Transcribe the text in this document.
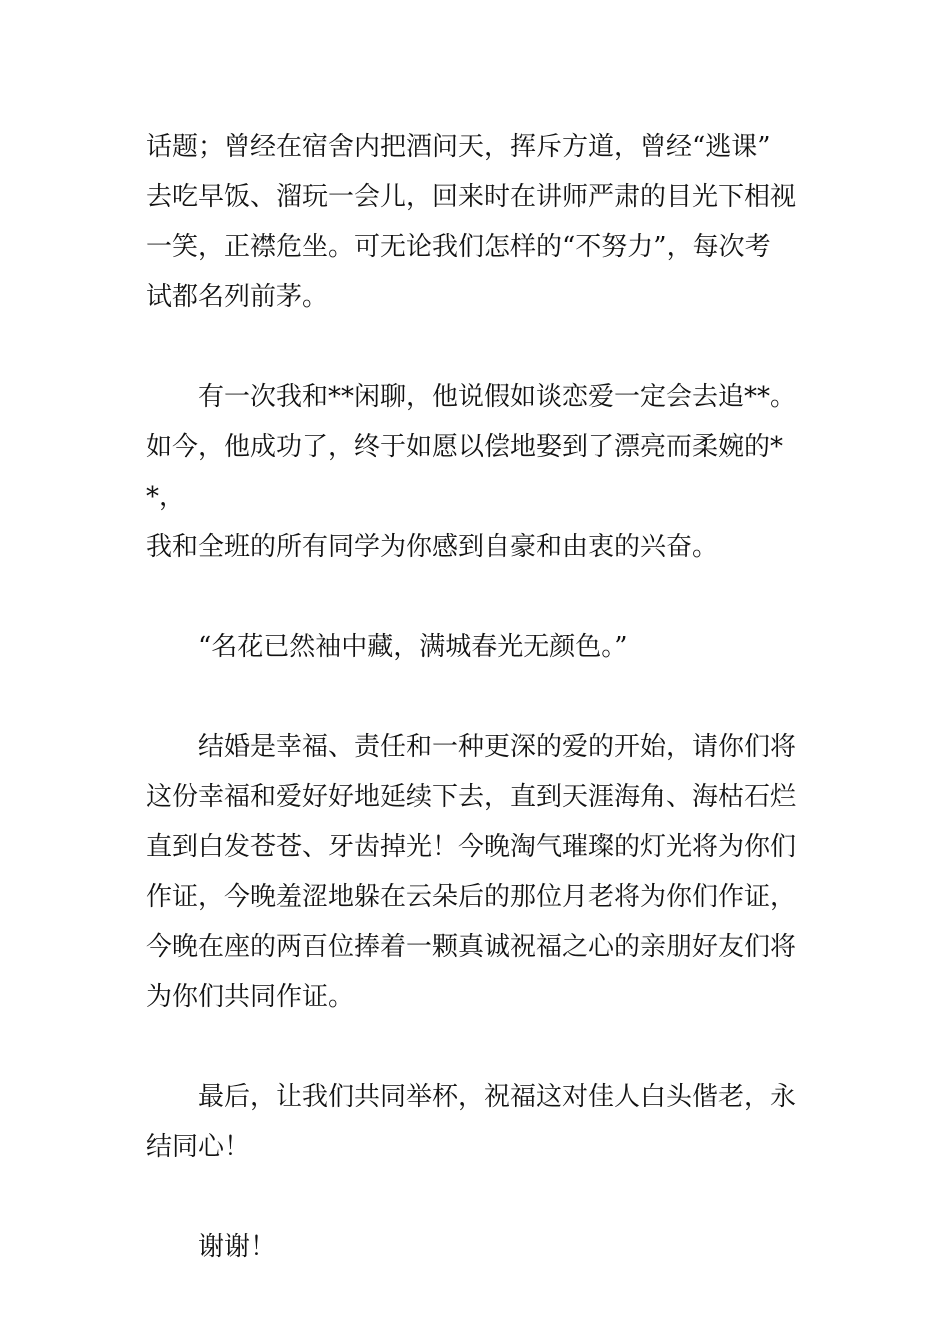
话题；曾经在宿舍内把酒问天，挥斥方道，曾经“逃课”
去吃早饭、溜玩一会儿，回来时在讲师严肃的目光下相视
一笑，正襟危坐。可无论我们怎样的“不努力”，每次考
试都名列前茅。

有一次我和**闲聊，他说假如谈恋爱一定会去追**。
如今，他成功了，终于如愿以偿地娶到了漂亮而柔婉的**，
我和全班的所有同学为你感到自豪和由衷的兴奋。

“名花已然袖中藏，满城春光无颜色。”

结婚是幸福、责任和一种更深的爱的开始，请你们将
这份幸福和爱好好地延续下去，直到天涯海角、海枯石烂
直到白发苍苍、牙齿掉光！今晚淘气璀璨的灯光将为你们
作证，今晚羞涩地躲在云朵后的那位月老将为你们作证，
今晚在座的两百位捧着一颗真诚祝福之心的亲朋好友们将
为你们共同作证。

最后，让我们共同举杯，祝福这对佳人白头偕老，永
结同心！

谢谢！
